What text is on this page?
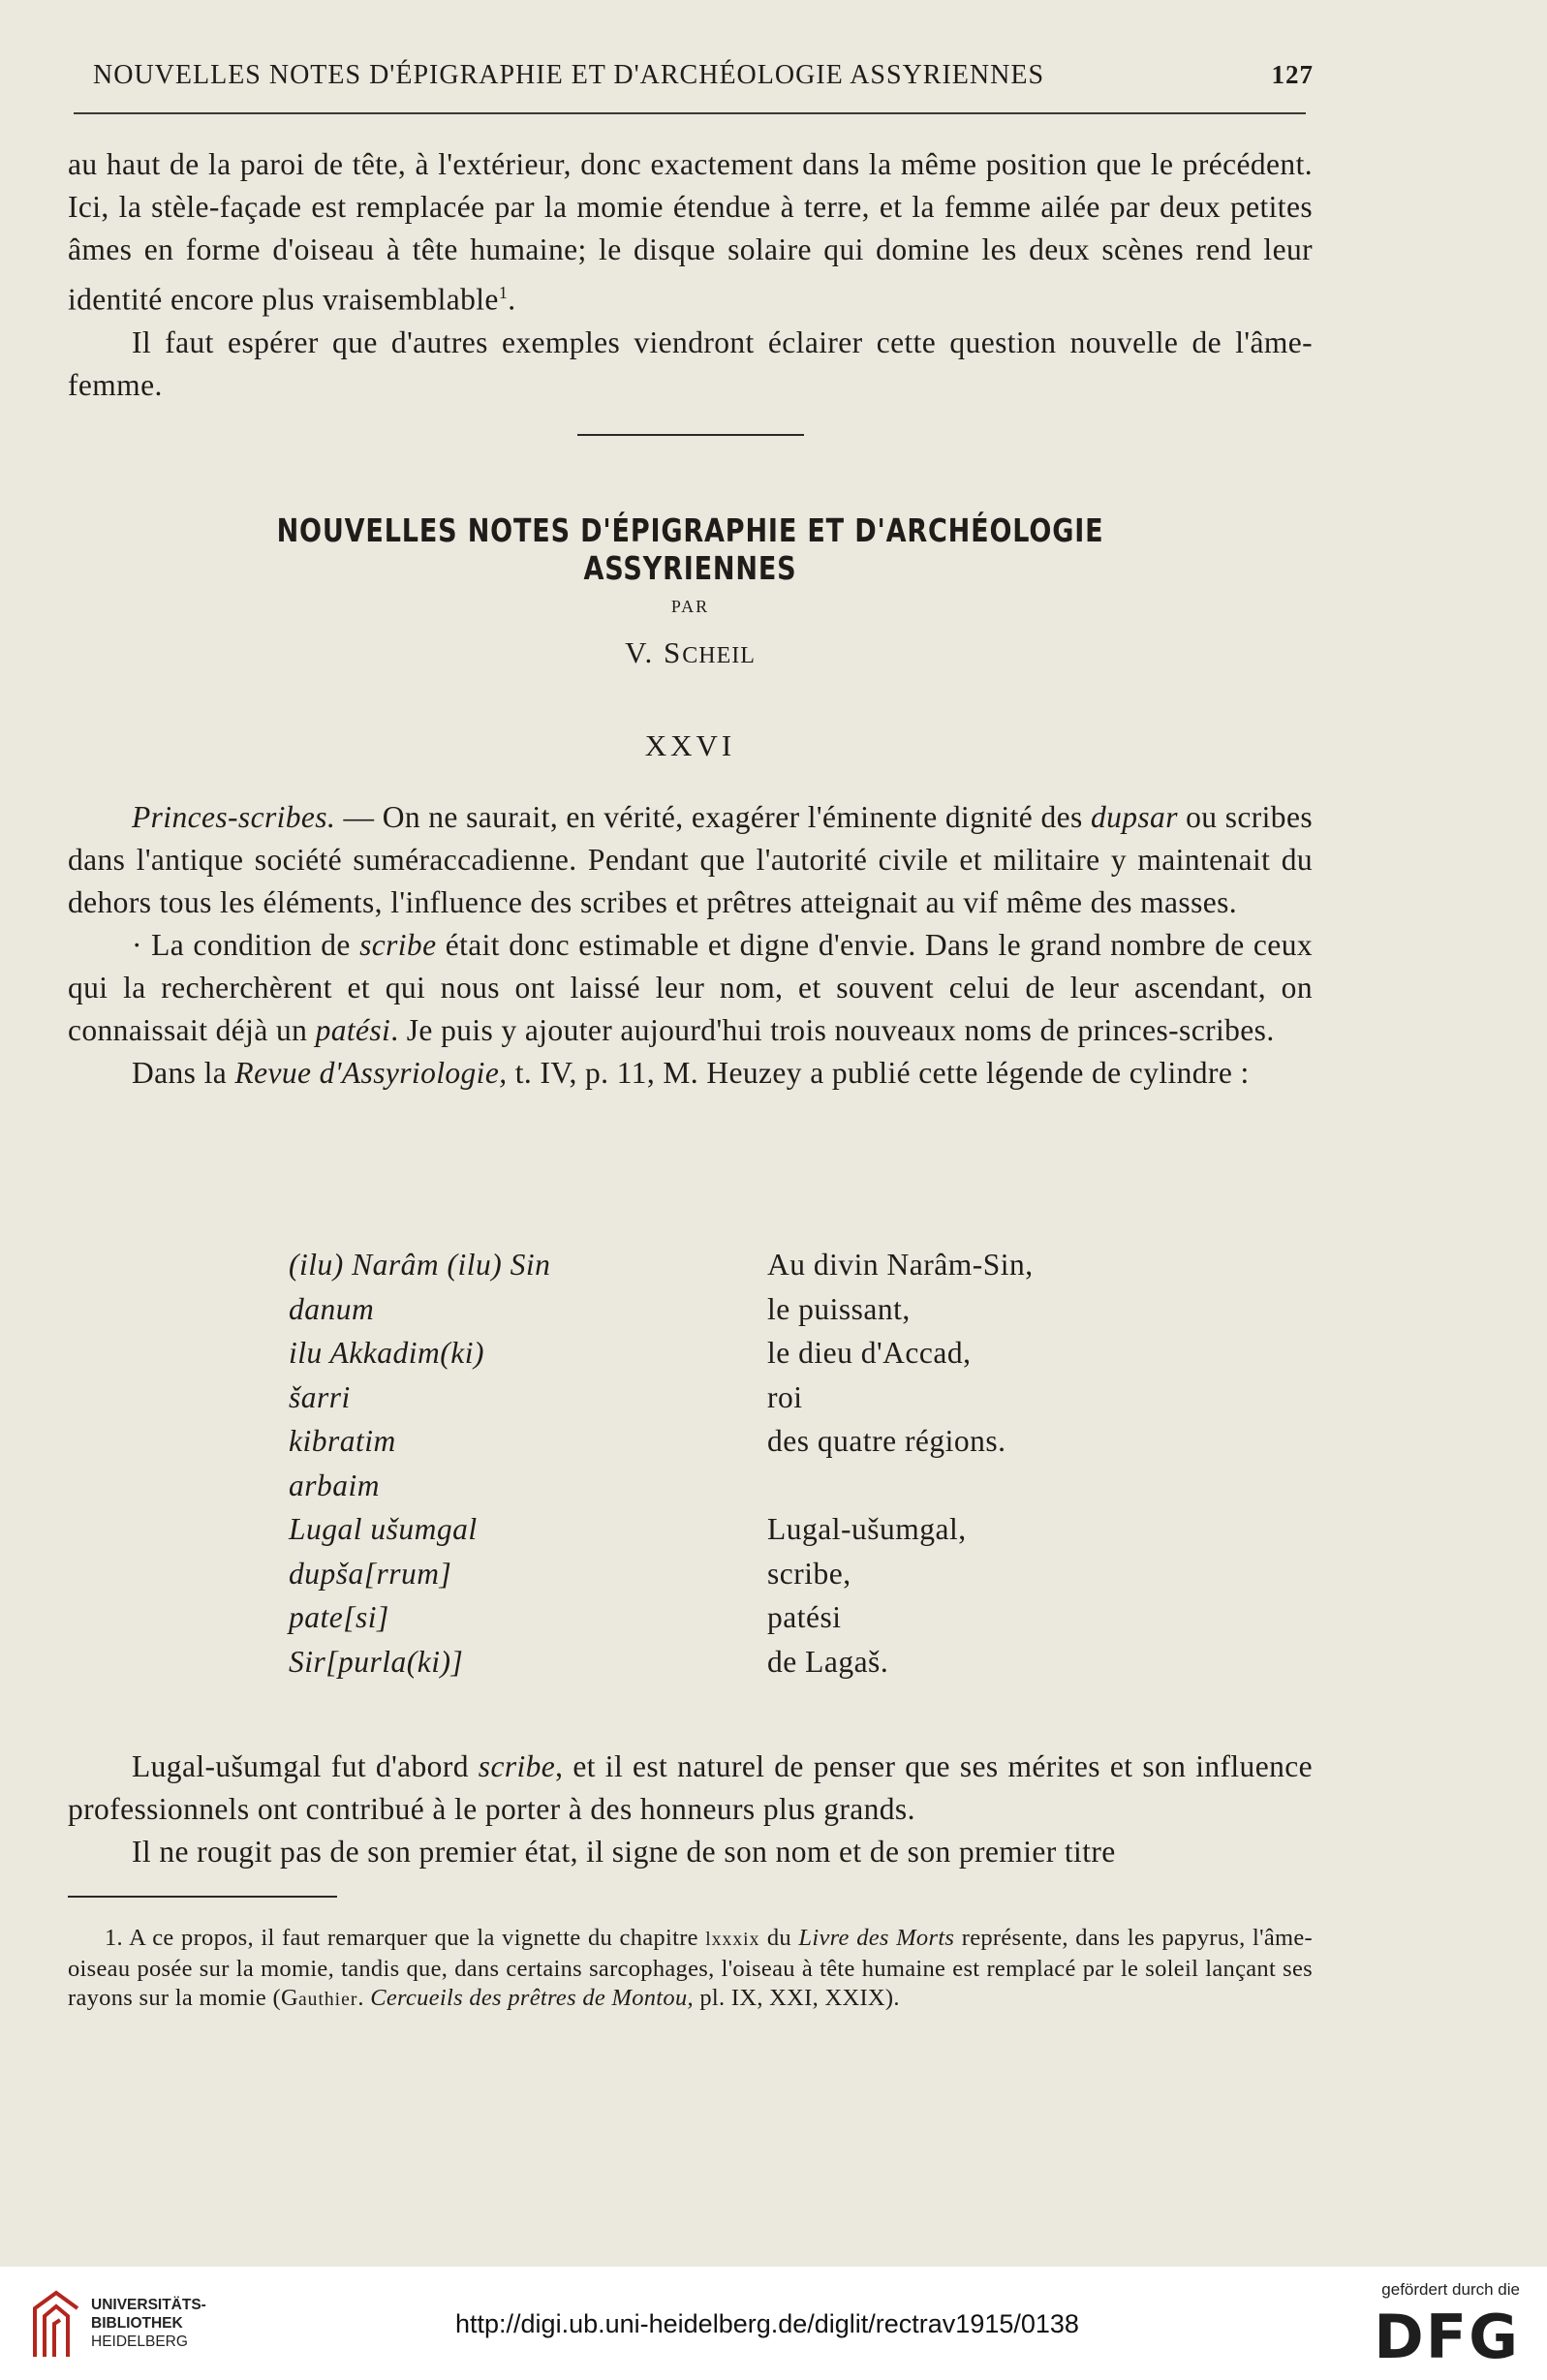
NOUVELLES NOTES D'ÉPIGRAPHIE ET D'ARCHÉOLOGIE ASSYRIENNES	127

au haut de la paroi de tête, à l'extérieur, donc exactement dans la même position que le précédent. Ici, la stèle-façade est remplacée par la momie étendue à terre, et la femme ailée par deux petites âmes en forme d'oiseau à tête humaine; le disque solaire qui domine les deux scènes rend leur identité encore plus vraisemblable$^1$.

Il faut espérer que d'autres exemples viendront éclairer cette question nouvelle de l'âme-femme.

NOUVELLES NOTES D'ÉPIGRAPHIE ET D'ARCHÉOLOGIE ASSYRIENNES
PAR
V. SCHEIL
XXVI

Princes-scribes. — On ne saurait, en vérité, exagérer l'éminente dignité des dupsar ou scribes dans l'antique société suméraccadienne. Pendant que l'autorité civile et militaire y maintenait du dehors tous les éléments, l'influence des scribes et prêtres atteignait au vif même des masses.

· La condition de scribe était donc estimable et digne d'envie. Dans le grand nombre de ceux qui la recherchèrent et qui nous ont laissé leur nom, et souvent celui de leur ascendant, on connaissait déjà un patési. Je puis y ajouter aujourd'hui trois nouveaux noms de princes-scribes.

Dans la Revue d'Assyriologie, t. IV, p. 11, M. Heuzey a publié cette légende de cylindre :

(ilu) Narâm (ilu) Sin	Au divin Narâm-Sin,
danum	le puissant,
ilu Akkadim(ki)	le dieu d'Accad,
šarri	roi
kibratim	des quatre régions.
arbaim	
Lugal ušumgal	Lugal-ušumgal,
dupša[rrum]	scribe,
pate[si]	patési
Sir[purla(ki)]	de Lagaš.

Lugal-ušumgal fut d'abord scribe, et il est naturel de penser que ses mérites et son influence professionnels ont contribué à le porter à des honneurs plus grands.

Il ne rougit pas de son premier état, il signe de son nom et de son premier titre

1. A ce propos, il faut remarquer que la vignette du chapitre lxxxix du Livre des Morts représente, dans les papyrus, l'âme-oiseau posée sur la momie, tandis que, dans certains sarcophages, l'oiseau à tête humaine est remplacé par le soleil lançant ses rayons sur la momie (Gauthier. Cercueils des prêtres de Montou, pl. IX, XXI, XXIX).

UNIVERSITÄTS-
BIBLIOTHEK
HEIDELBERG
http://digi.ub.uni-heidelberg.de/diglit/rectrav1915/0138
gefördert durch die
DFG
